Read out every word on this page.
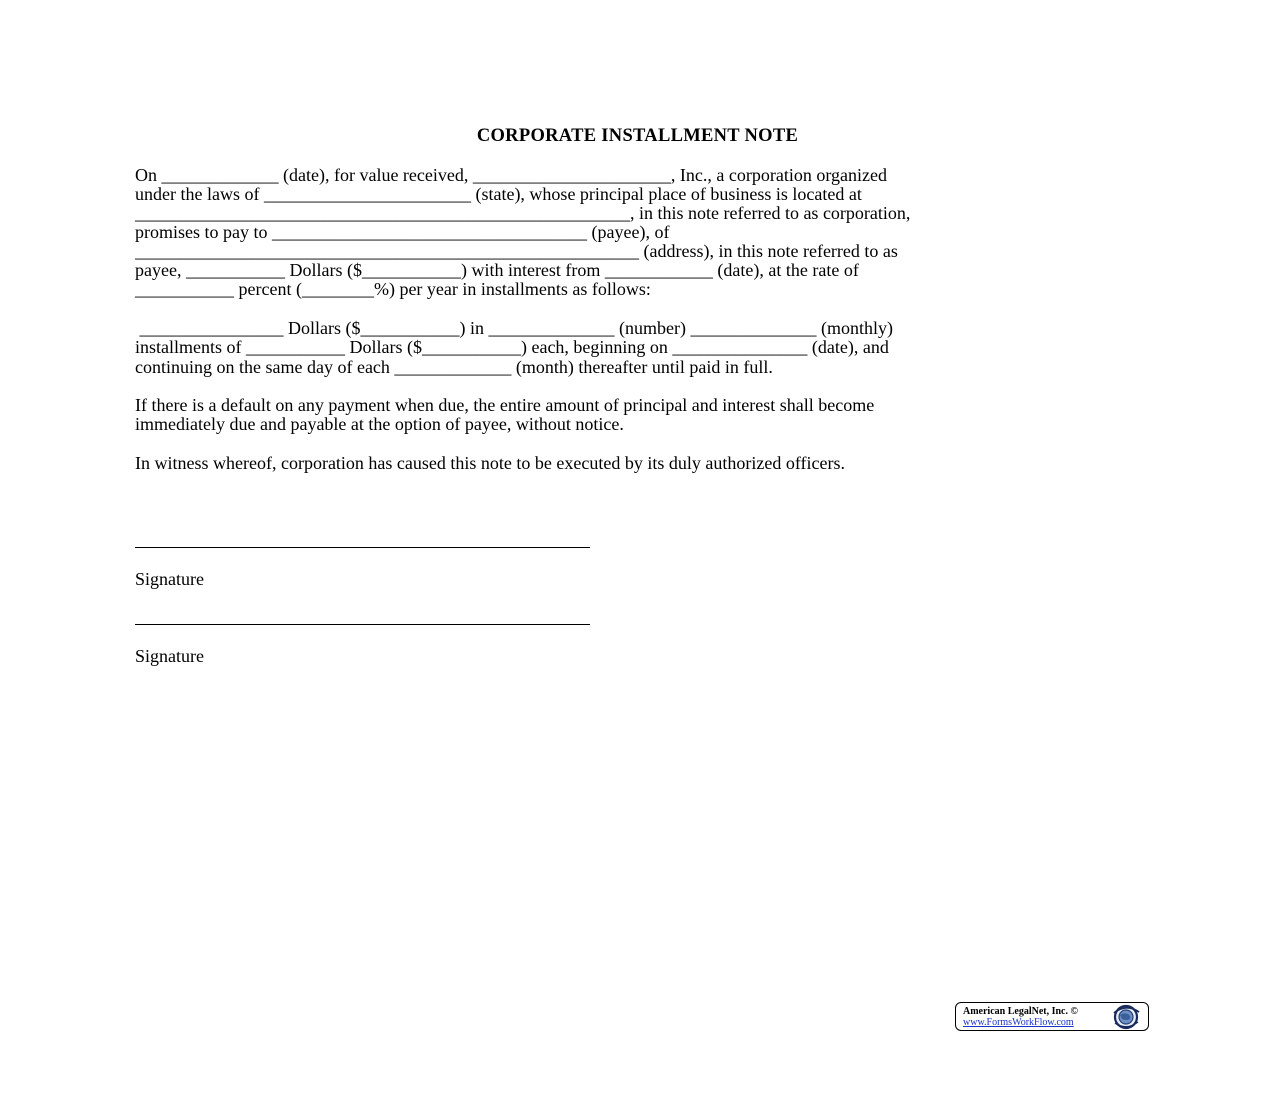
CORPORATE INSTALLMENT NOTE
On _____________ (date), for value received, ______________________, Inc., a corporation organized
under the laws of _______________________ (state), whose principal place of business is located at
_______________________________________________________, in this note referred to as corporation,
promises to pay to ___________________________________ (payee), of
________________________________________________________ (address), in this note referred to as
payee, ___________ Dollars ($___________) with interest from ____________ (date), at the rate of
___________ percent (________%) per year in installments as follows:
________________ Dollars ($___________) in ______________ (number) ______________ (monthly)
installments of ___________ Dollars ($___________) each, beginning on _______________ (date), and
continuing on the same day of each _____________ (month) thereafter until paid in full.
If there is a default on any payment when due, the entire amount of principal and interest shall become
immediately due and payable at the option of payee, without notice.
In witness whereof, corporation has caused this note to be executed by its duly authorized officers.
Signature
Signature
American LegalNet, Inc. ©
www.FormsWorkFlow.com
